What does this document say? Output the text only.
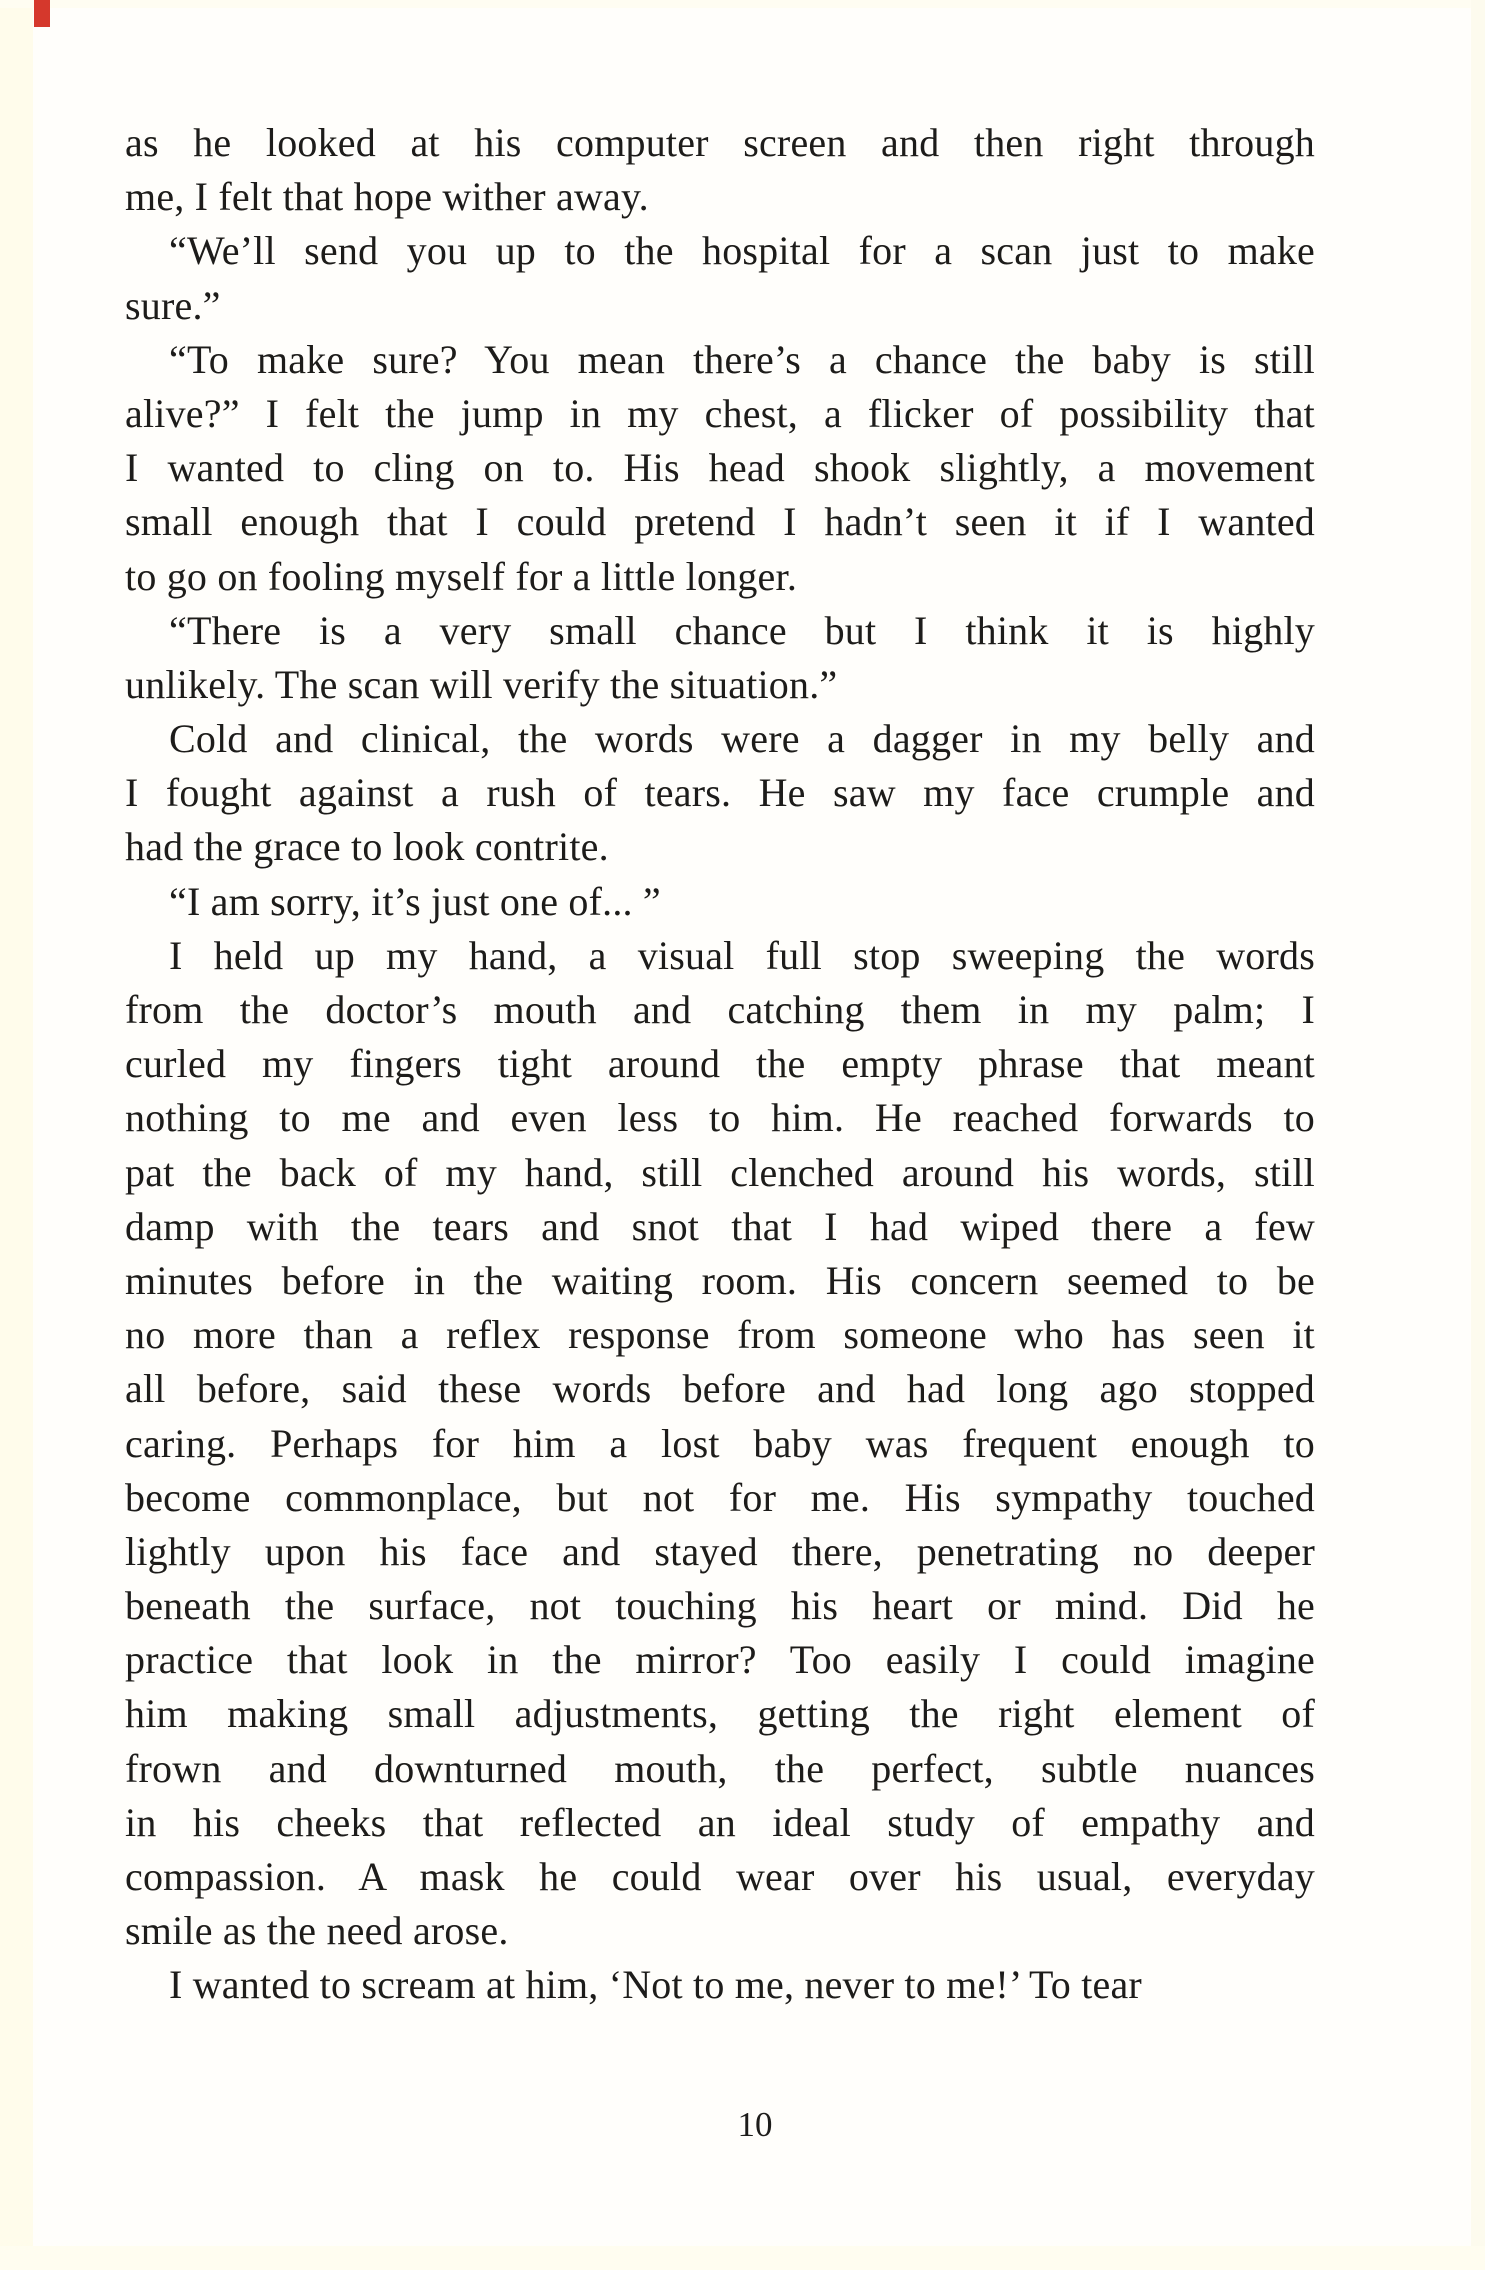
as he looked at his computer screen and then right through
me, I felt that hope wither away.
“We’ll send you up to the hospital for a scan just to make
sure.”
“To make sure? You mean there’s a chance the baby is still
alive?” I felt the jump in my chest, a flicker of possibility that
I wanted to cling on to. His head shook slightly, a movement
small enough that I could pretend I hadn’t seen it if I wanted
to go on fooling myself for a little longer.
“There is a very small chance but I think it is highly
unlikely. The scan will verify the situation.”
Cold and clinical, the words were a dagger in my belly and
I fought against a rush of tears. He saw my face crumple and
had the grace to look contrite.
“I am sorry, it’s just one of... ”
I held up my hand, a visual full stop sweeping the words
from the doctor’s mouth and catching them in my palm; I
curled my fingers tight around the empty phrase that meant
nothing to me and even less to him. He reached forwards to
pat the back of my hand, still clenched around his words, still
damp with the tears and snot that I had wiped there a few
minutes before in the waiting room. His concern seemed to be
no more than a reflex response from someone who has seen it
all before, said these words before and had long ago stopped
caring. Perhaps for him a lost baby was frequent enough to
become commonplace, but not for me. His sympathy touched
lightly upon his face and stayed there, penetrating no deeper
beneath the surface, not touching his heart or mind. Did he
practice that look in the mirror? Too easily I could imagine
him making small adjustments, getting the right element of
frown and downturned mouth, the perfect, subtle nuances
in his cheeks that reflected an ideal study of empathy and
compassion. A mask he could wear over his usual, everyday
smile as the need arose.
I wanted to scream at him, ‘Not to me, never to me!’ To tear
10
